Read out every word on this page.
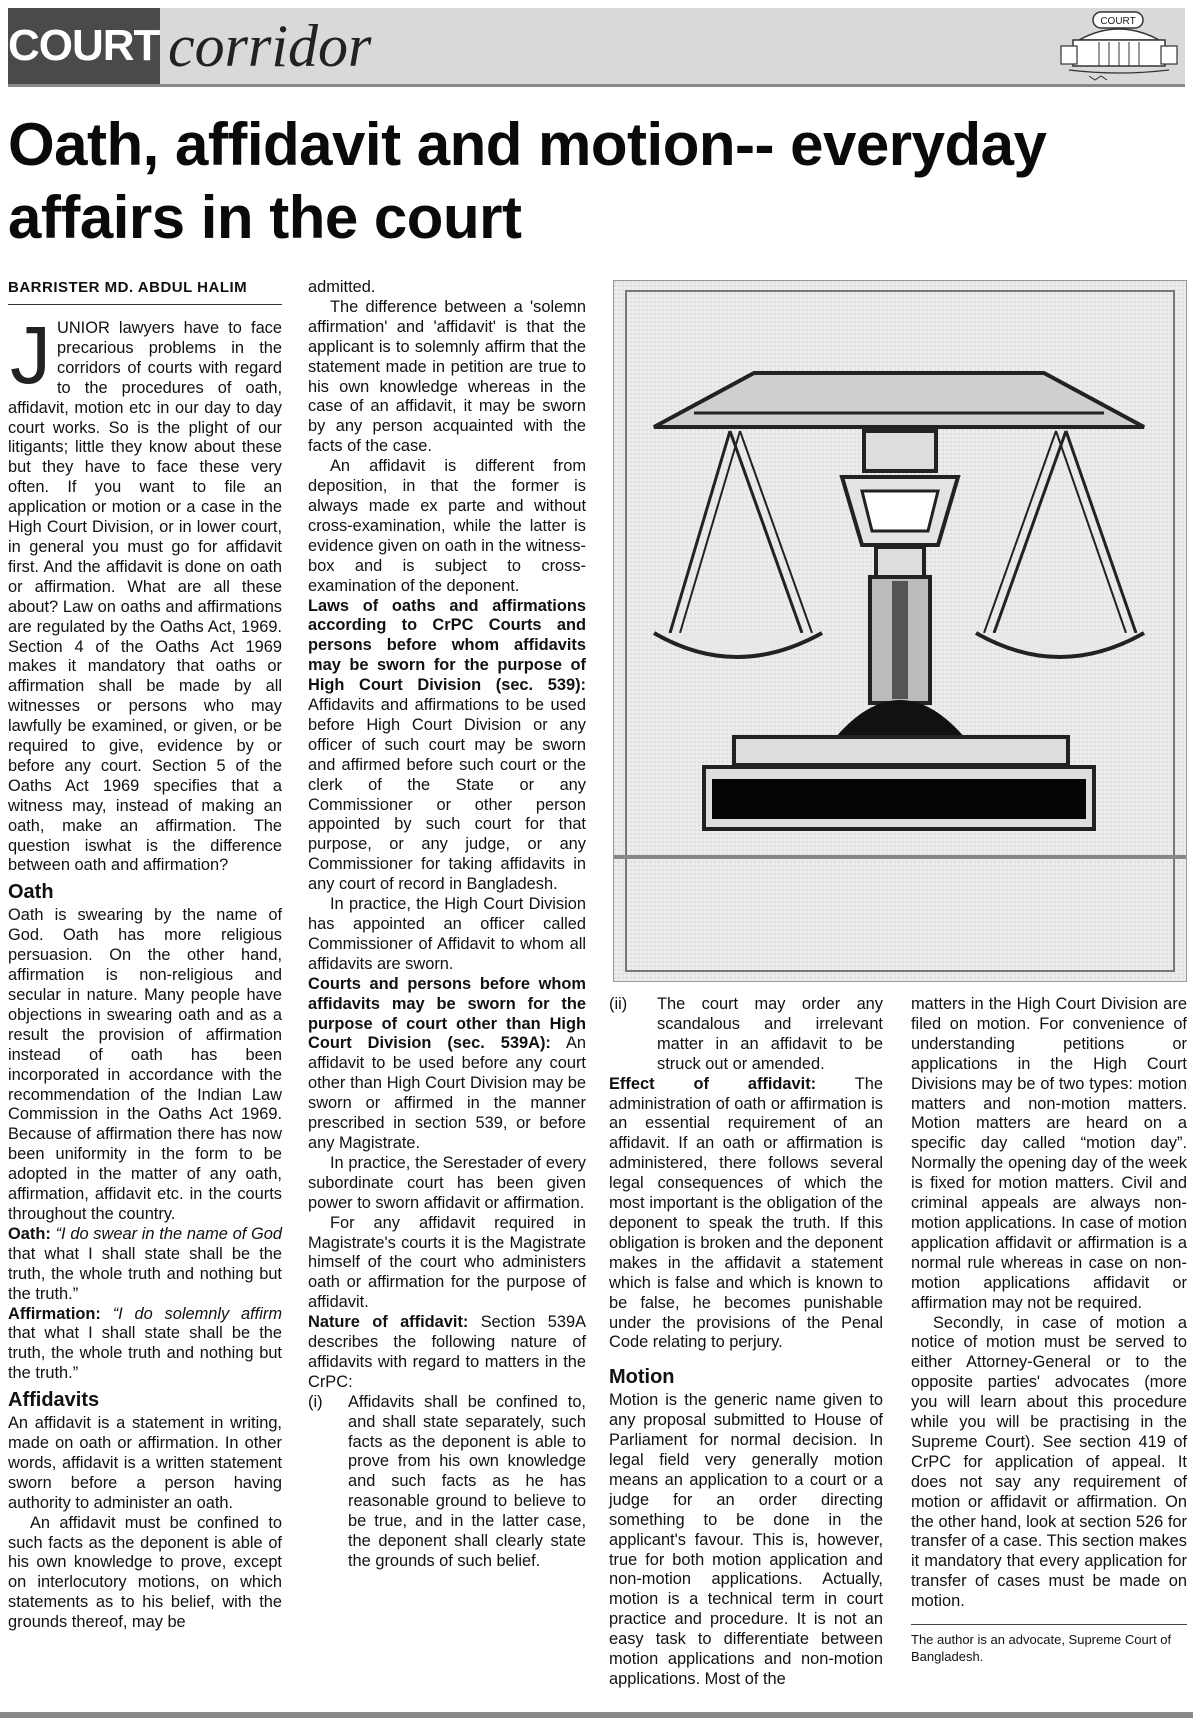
COURT corridor	COURT
Oath, affidavit and motion-- everyday
affairs in the court
BARRISTER MD. ABDUL HALIM

JUNIOR lawyers have to face precarious problems in the corridors of courts with regard to the procedures of oath, affidavit, motion etc in our day to day court works. So is the plight of our litigants; little they know about these but they have to face these very often. If you want to file an application or motion or a case in the High Court Division, or in lower court, in general you must go for affidavit first. And the affidavit is done on oath or affirmation. What are all these about? Law on oaths and affirmations are regulated by the Oaths Act, 1969. Section 4 of the Oaths Act 1969 makes it mandatory that oaths or affirmation shall be made by all witnesses or persons who may lawfully be examined, or given, or be required to give, evidence by or before any court. Section 5 of the Oaths Act 1969 specifies that a witness may, instead of making an oath, make an affirmation. The question iswhat is the difference between oath and affirmation?

Oath

Oath is swearing by the name of God. Oath has more religious persuasion. On the other hand, affirmation is non-religious and secular in nature. Many people have objections in swearing oath and as a result the provision of affirmation instead of oath has been incorporated in accordance with the recommendation of the Indian Law Commission in the Oaths Act 1969. Because of affirmation there has now been uniformity in the form to be adopted in the matter of any oath, affirmation, affidavit etc. in the courts throughout the country.

Oath: “I do swear in the name of God that what I shall state shall be the truth, the whole truth and nothing but the truth.”

Affirmation: “I do solemnly affirm that what I shall state shall be the truth, the whole truth and nothing but the truth.”

Affidavits

An affidavit is a statement in writing, made on oath or affirmation. In other words, affidavit is a written statement sworn before a person having authority to administer an oath.

An affidavit must be confined to such facts as the deponent is able of his own knowledge to prove, except on interlocutory motions, on which statements as to his belief, with the grounds thereof, may be

admitted.

The difference between a 'solemn affirmation' and 'affidavit' is that the applicant is to solemnly affirm that the statement made in petition are true to his own knowledge whereas in the case of an affidavit, it may be sworn by any person acquainted with the facts of the case.

An affidavit is different from deposition, in that the former is always made ex parte and without cross-examination, while the latter is evidence given on oath in the witness-box and is subject to cross-examination of the deponent.

Laws of oaths and affirmations according to CrPC Courts and persons before whom affidavits may be sworn for the purpose of High Court Division (sec. 539): Affidavits and affirmations to be used before High Court Division or any officer of such court may be sworn and affirmed before such court or the clerk of the State or any Commissioner or other person appointed by such court for that purpose, or any judge, or any Commissioner for taking affidavits in any court of record in Bangladesh.

In practice, the High Court Division has appointed an officer called Commissioner of Affidavit to whom all affidavits are sworn.

Courts and persons before whom affidavits may be sworn for the purpose of court other than High Court Division (sec. 539A): An affidavit to be used before any court other than High Court Division may be sworn or affirmed in the manner prescribed in section 539, or before any Magistrate.

In practice, the Serestader of every subordinate court has been given power to sworn affidavit or affirmation.

For any affidavit required in Magistrate's courts it is the Magistrate himself of the court who administers oath or affirmation for the purpose of affidavit.

Nature of affidavit: Section 539A describes the following nature of affidavits with regard to matters in the CrPC:

(i)	Affidavits shall be confined to, and shall state separately, such facts as the deponent is able to prove from his own knowledge and such facts as he has reasonable ground to believe to be true, and in the latter case, the deponent shall clearly state the grounds of such belief.
(ii)	The court may order any scandalous and irrelevant matter in an affidavit to be struck out or amended.

Effect of affidavit: The administration of oath or affirmation is an essential requirement of an affidavit. If an oath or affirmation is administered, there follows several legal consequences of which the most important is the obligation of the deponent to speak the truth. If this obligation is broken and the deponent makes in the affidavit a statement which is false and which is known to be false, he becomes punishable under the provisions of the Penal Code relating to perjury.

Motion

Motion is the generic name given to any proposal submitted to House of Parliament for normal decision. In legal field very generally motion means an application to a court or a judge for an order directing something to be done in the applicant's favour. This is, however, true for both motion application and non-motion applications. Actually, motion is a technical term in court practice and procedure. It is not an easy task to differentiate between motion applications and non-motion applications. Most of the

matters in the High Court Division are filed on motion. For convenience of understanding petitions or applications in the High Court Divisions may be of two types: motion matters and non-motion matters. Motion matters are heard on a specific day called “motion day”. Normally the opening day of the week is fixed for motion matters. Civil and criminal appeals are always non-motion applications. In case of motion application affidavit or affirmation is a normal rule whereas in case on non-motion applications affidavit or affirmation may not be required.

Secondly, in case of motion a notice of motion must be served to either Attorney-General or to the opposite parties' advocates (more you will learn about this procedure while you will be practising in the Supreme Court). See section 419 of CrPC for application of appeal. It does not say any requirement of motion or affidavit or affirmation. On the other hand, look at section 526 for transfer of a case. This section makes it mandatory that every application for transfer of cases must be made on motion.

The author is an advocate, Supreme Court of Bangladesh.
